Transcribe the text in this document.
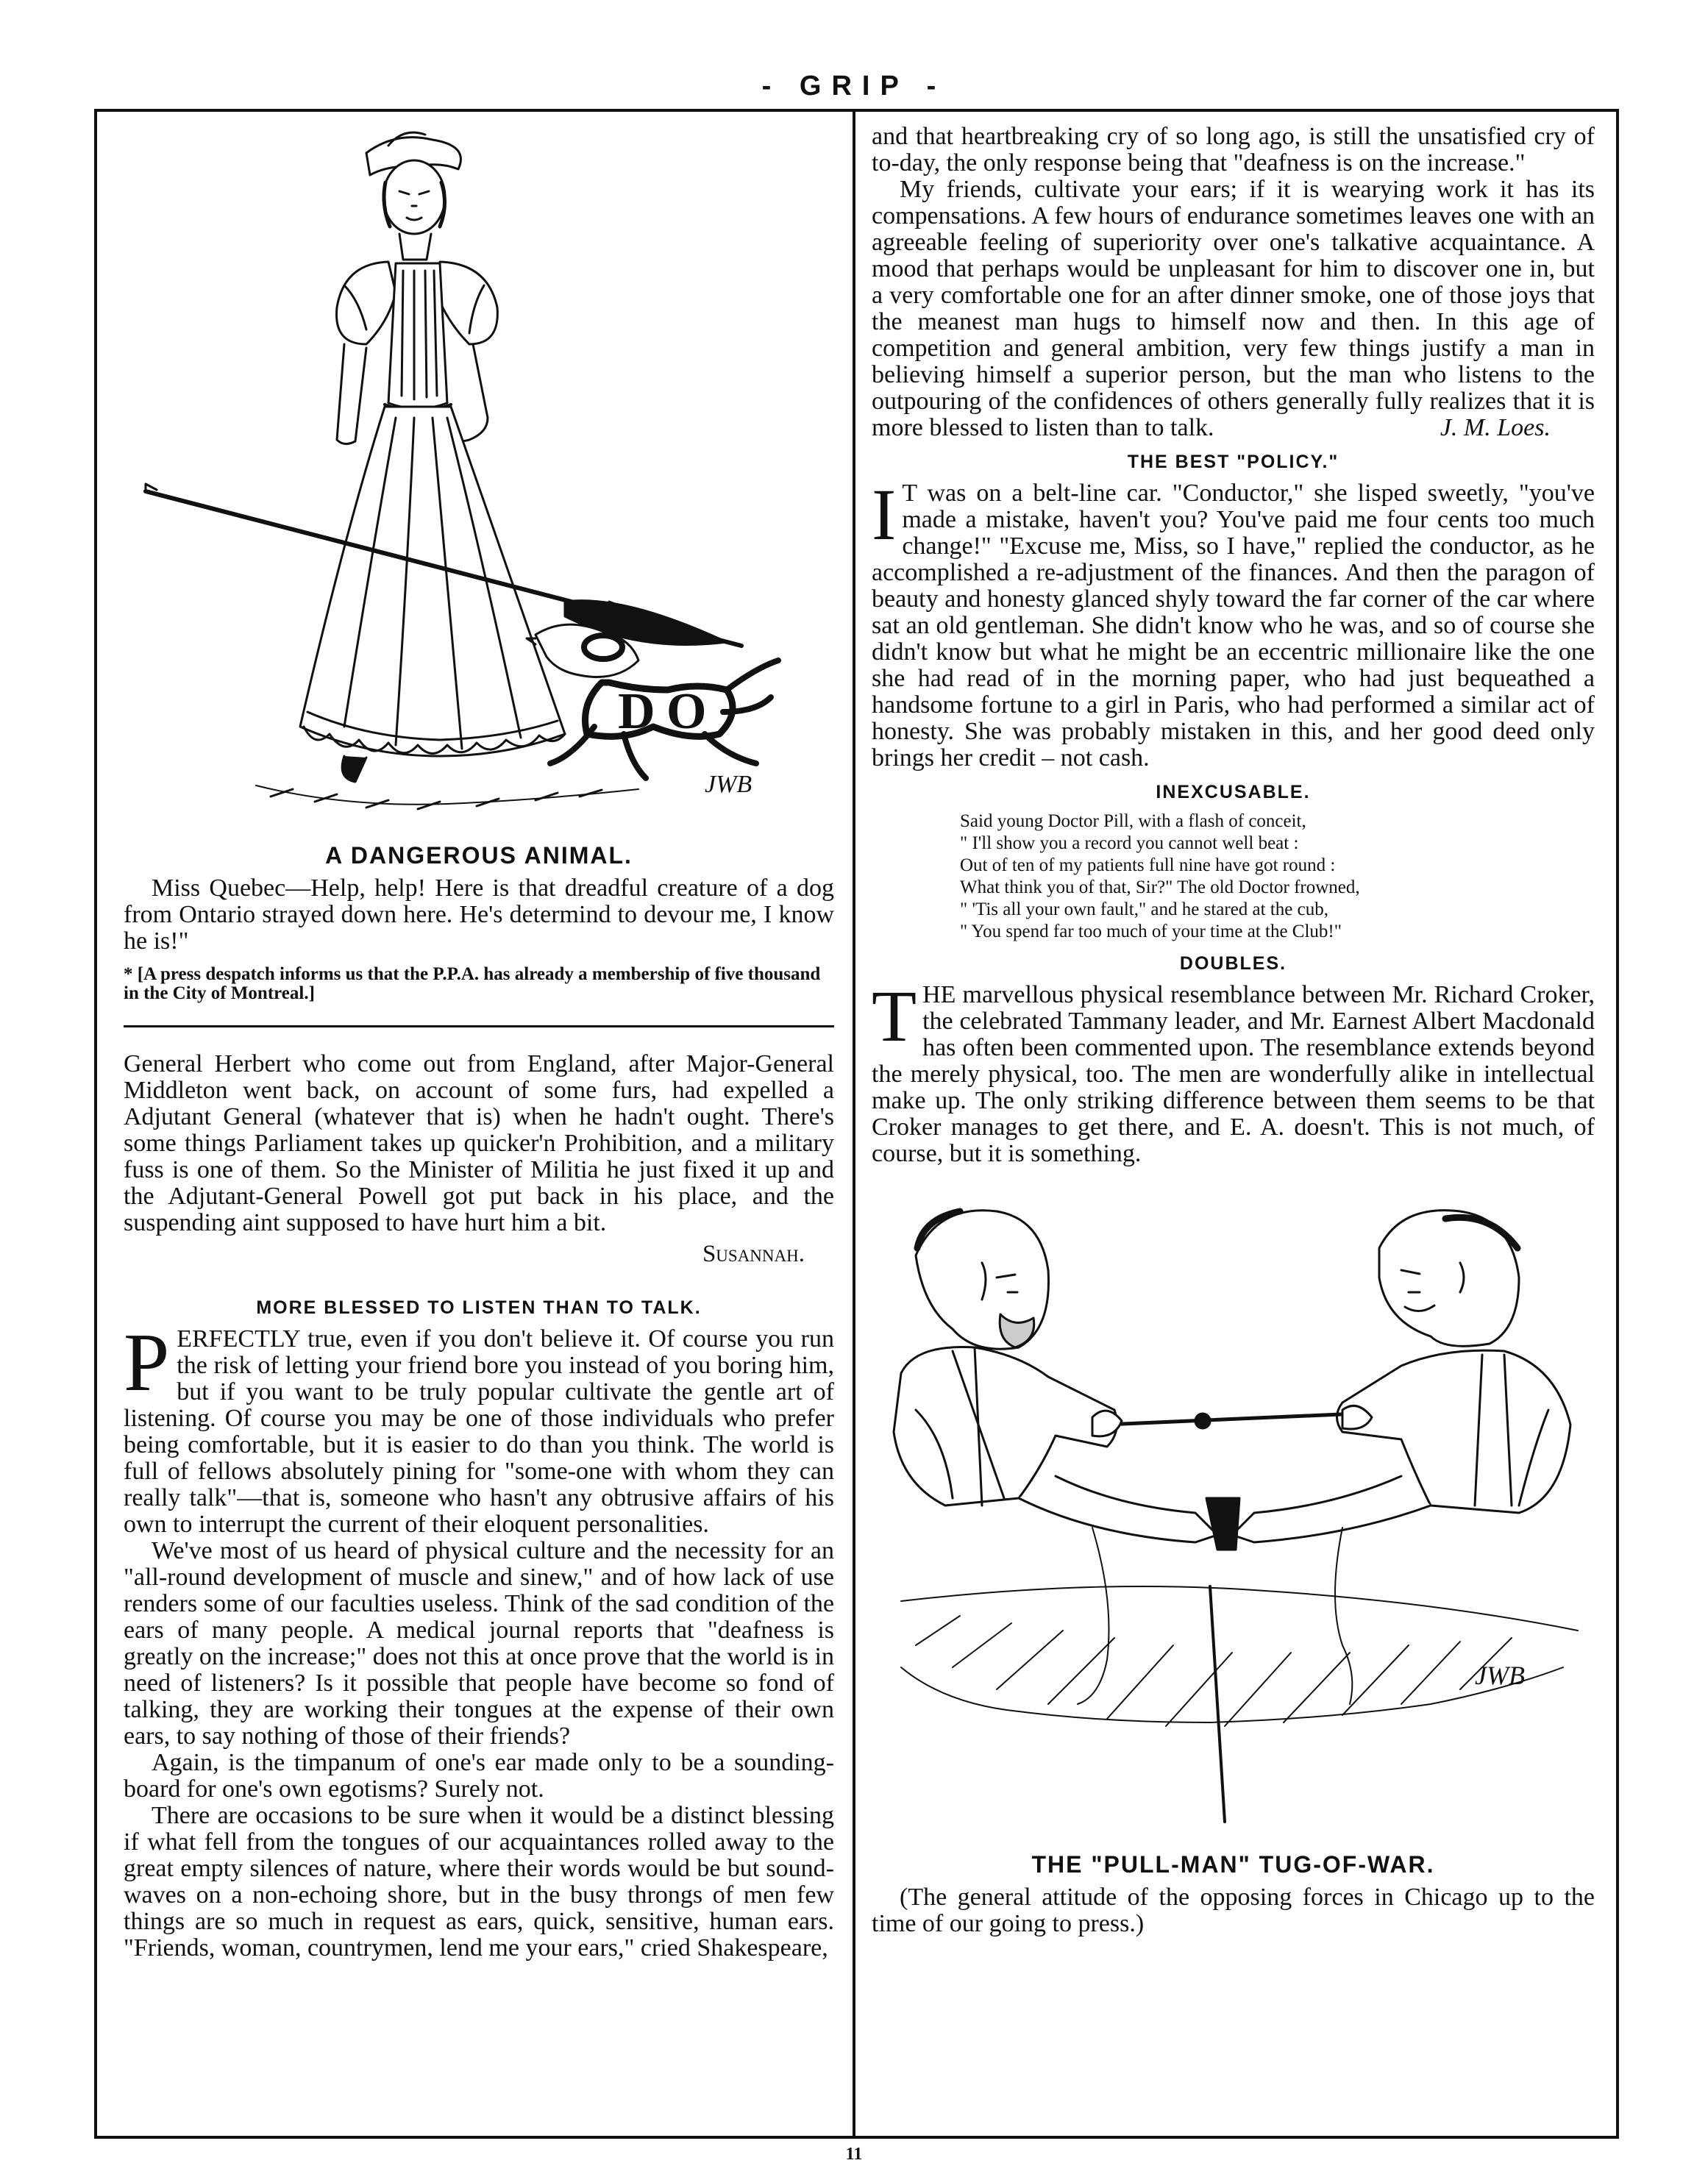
- GRIP -
D O
JWB
A DANGEROUS ANIMAL.

Miss Quebec—Help, help! Here is that dreadful creature of a dog from Ontario strayed down here. He's determind to devour me, I know he is!"

* [A press despatch informs us that the P.P.A. has already a membership of five thousand in the City of Montreal.]

General Herbert who come out from England, after Major-General Middleton went back, on account of some furs, had expelled a Adjutant General (whatever that is) when he hadn't ought. There's some things Parliament takes up quicker'n Prohibition, and a military fuss is one of them. So the Minister of Militia he just fixed it up and the Adjutant-General Powell got put back in his place, and the suspending aint supposed to have hurt him a bit.

Susannah.

MORE BLESSED TO LISTEN THAN TO TALK.

PERFECTLY true, even if you don't believe it. Of course you run the risk of letting your friend bore you instead of you boring him, but if you want to be truly popular cultivate the gentle art of listening. Of course you may be one of those individuals who prefer being comfortable, but it is easier to do than you think. The world is full of fellows absolutely pining for "some-one with whom they can really talk"—that is, someone who hasn't any obtrusive affairs of his own to interrupt the current of their eloquent personalities.

We've most of us heard of physical culture and the necessity for an "all-round development of muscle and sinew," and of how lack of use renders some of our faculties useless. Think of the sad condition of the ears of many people. A medical journal reports that "deafness is greatly on the increase;" does not this at once prove that the world is in need of listeners? Is it possible that people have become so fond of talking, they are working their tongues at the expense of their own ears, to say nothing of those of their friends?

Again, is the timpanum of one's ear made only to be a sounding-board for one's own egotisms? Surely not.

There are occasions to be sure when it would be a distinct blessing if what fell from the tongues of our acquaintances rolled away to the great empty silences of nature, where their words would be but sound-waves on a non-echoing shore, but in the busy throngs of men few things are so much in request as ears, quick, sensitive, human ears. "Friends, woman, countrymen, lend me your ears," cried Shakespeare,

and that heartbreaking cry of so long ago, is still the unsatisfied cry of to-day, the only response being that "deafness is on the increase."

My friends, cultivate your ears; if it is wearying work it has its compensations. A few hours of endurance sometimes leaves one with an agreeable feeling of superiority over one's talkative acquaintance. A mood that perhaps would be unpleasant for him to discover one in, but a very comfortable one for an after dinner smoke, one of those joys that the meanest man hugs to himself now and then. In this age of competition and general ambition, very few things justify a man in believing himself a superior person, but the man who listens to the outpouring of the confidences of others generally fully realizes that it is more blessed to listen than to talk.	J. M. Loes.

THE BEST "POLICY."

I T was on a belt-line car. "Conductor," she lisped sweetly, "you've made a mistake, haven't you? You've paid me four cents too much change!" "Excuse me, Miss, so I have," replied the conductor, as he accomplished a re-adjustment of the finances. And then the paragon of beauty and honesty glanced shyly toward the far corner of the car where sat an old gentleman. She didn't know who he was, and so of course she didn't know but what he might be an eccentric millionaire like the one she had read of in the morning paper, who had just bequeathed a handsome fortune to a girl in Paris, who had performed a similar act of honesty. She was probably mistaken in this, and her good deed only brings her credit – not cash.

INEXCUSABLE.
Said young Doctor Pill, with a flash of conceit,
" I'll show you a record you cannot well beat :
Out of ten of my patients full nine have got round :
What think you of that, Sir?" The old Doctor frowned,
" 'Tis all your own fault," and he stared at the cub,
" You spend far too much of your time at the Club!"
DOUBLES.

THE marvellous physical resemblance between Mr. Richard Croker, the celebrated Tammany leader, and Mr. Earnest Albert Macdonald has often been commented upon. The resemblance extends beyond the merely physical, too. The men are wonderfully alike in intellectual make up. The only striking difference between them seems to be that Croker manages to get there, and E. A. doesn't. This is not much, of course, but it is something.

JWB
THE "PULL-MAN" TUG-OF-WAR.

(The general attitude of the opposing forces in Chicago up to the time of our going to press.)

11
